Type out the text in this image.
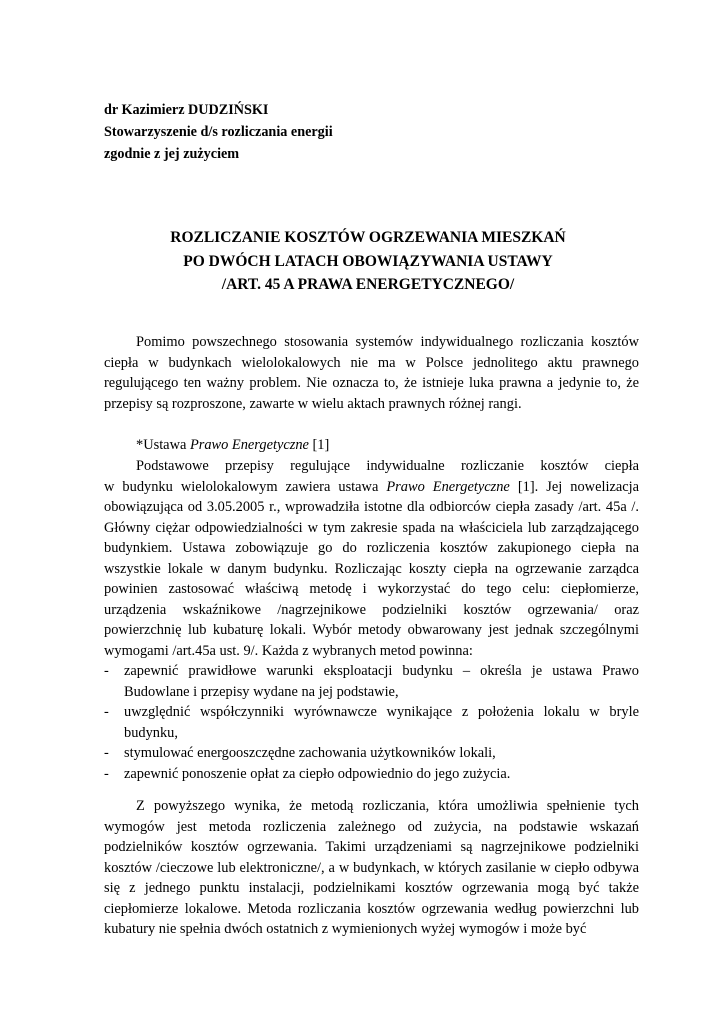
dr Kazimierz DUDZIŃSKI
Stowarzyszenie d/s rozliczania energii
zgodnie z jej zużyciem
ROZLICZANIE KOSZTÓW OGRZEWANIA MIESZKAŃ
PO DWÓCH LATACH OBOWIĄZYWANIA USTAWY
/ART. 45 A PRAWA ENERGETYCZNEGO/

Pomimo powszechnego stosowania systemów indywidualnego rozliczania kosztów ciepła w budynkach wielolokalowych nie ma w Polsce jednolitego aktu prawnego regulującego ten ważny problem. Nie oznacza to, że istnieje luka prawna a jedynie to, że przepisy są rozproszone, zawarte w wielu aktach prawnych różnej rangi.

*Ustawa Prawo Energetyczne [1]
Podstawowe przepisy regulujące indywidualne rozliczanie kosztów ciepła
w budynku wielolokalowym zawiera ustawa Prawo Energetyczne [1]. Jej nowelizacja
obowiązująca od 3.05.2005 r., wprowadziła istotne dla odbiorców ciepła zasady /art. 45a /. Główny ciężar odpowiedzialności w tym zakresie spada na właściciela lub zarządzającego budynkiem. Ustawa zobowiązuje go do rozliczenia kosztów zakupionego ciepła na wszystkie lokale w danym budynku. Rozliczając koszty ciepła na ogrzewanie zarządca powinien zastosować właściwą metodę i wykorzystać do tego celu: ciepłomierze, urządzenia wskaźnikowe /nagrzejnikowe podzielniki kosztów ogrzewania/ oraz powierzchnię lub kubaturę lokali. Wybór metody obwarowany jest jednak szczególnymi wymogami /art.45a ust. 9/. Każda z wybranych metod powinna:
- zapewnić prawidłowe warunki eksploatacji budynku – określa je ustawa Prawo Budowlane i przepisy wydane na jej podstawie,
- uwzględnić współczynniki wyrównawcze wynikające z położenia lokalu w bryle budynku,
- stymulować energooszczędne zachowania użytkowników lokali,
- zapewnić ponoszenie opłat za ciepło odpowiednio do jego zużycia.

Z powyższego wynika, że metodą rozliczania, która umożliwia spełnienie tych wymogów jest metoda rozliczenia zależnego od zużycia, na podstawie wskazań podzielników kosztów ogrzewania. Takimi urządzeniami są nagrzejnikowe podzielniki kosztów /cieczowe lub elektroniczne/, a w budynkach, w których zasilanie w ciepło odbywa się z jednego punktu instalacji, podzielnikami kosztów ogrzewania mogą być także ciepłomierze lokalowe. Metoda rozliczania kosztów ogrzewania według powierzchni lub kubatury nie spełnia dwóch ostatnich z wymienionych wyżej wymogów i może być
